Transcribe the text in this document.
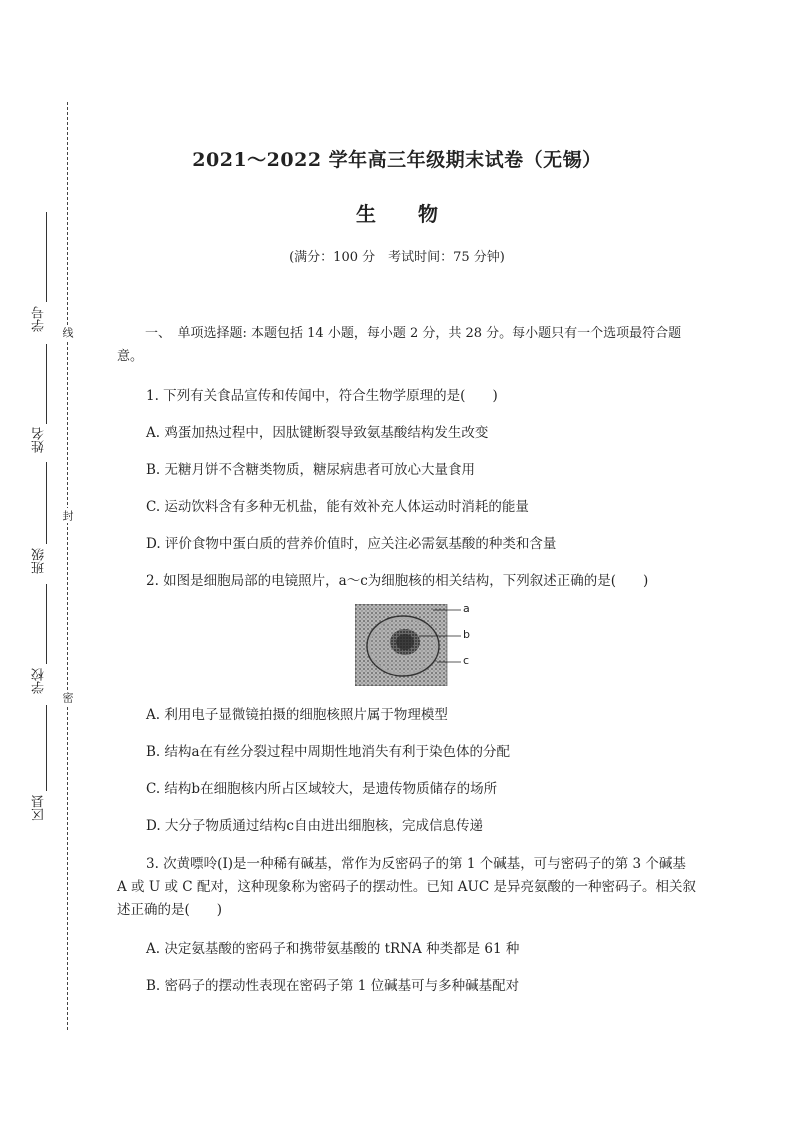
学号
姓名
班级
学校
区县
线
封
密
2021～2022 学年高三年级期末试卷（无锡）
生物
(满分：100 分　考试时间：75 分钟)
一、　单项选择题: 本题包括 14 小题，每小题 2 分，共 28 分。每小题只有一个选项最符合题意。
1. 下列有关食品宣传和传闻中，符合生物学原理的是(　　)
A. 鸡蛋加热过程中，因肽键断裂导致氨基酸结构发生改变
B. 无糖月饼不含糖类物质，糖尿病患者可放心大量食用
C. 运动饮料含有多种无机盐，能有效补充人体运动时消耗的能量
D. 评价食物中蛋白质的营养价值时，应关注必需氨基酸的种类和含量
2. 如图是细胞局部的电镜照片，a～c为细胞核的相关结构，下列叙述正确的是(　　)
a
b
c
A. 利用电子显微镜拍摄的细胞核照片属于物理模型
B. 结构a在有丝分裂过程中周期性地消失有利于染色体的分配
C. 结构b在细胞核内所占区域较大，是遗传物质储存的场所
D. 大分子物质通过结构c自由进出细胞核，完成信息传递
3. 次黄嘌呤(I)是一种稀有碱基，常作为反密码子的第 1 个碱基，可与密码子的第 3 个碱基 A 或 U 或 C 配对，这种现象称为密码子的摆动性。已知 AUC 是异亮氨酸的一种密码子。相关叙述正确的是(　　)
A. 决定氨基酸的密码子和携带氨基酸的 tRNA 种类都是 61 种
B. 密码子的摆动性表现在密码子第 1 位碱基可与多种碱基配对
